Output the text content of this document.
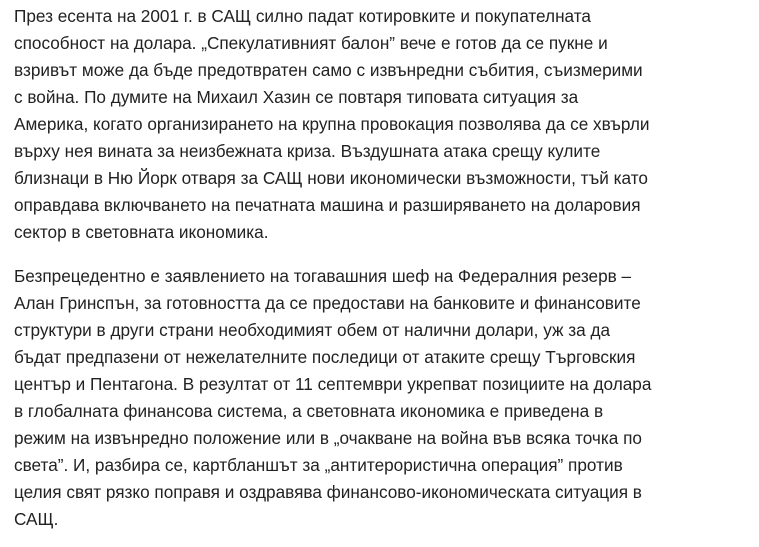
През есента на 2001 г. в САЩ силно падат котировките и покупателната
способност на долара. „Спекулативният балон” вече е готов да се пукне и
взривът може да бъде предотвратен само с извънредни събития, съизмерими
с война. По думите на Михаил Хазин се повтаря типовата ситуация за
Америка, когато организирането на крупна провокация позволява да се хвърли
върху нея вината за неизбежната криза. Въздушната атака срещу кулите
близнаци в Ню Йорк отваря за САЩ нови икономически възможности, тъй като
оправдава включването на печатната машина и разширяването на доларовия
сектор в световната икономика.

Безпрецедентно е заявлението на тогавашния шеф на Федералния резерв –
Алан Гринспън, за готовността да се предостави на банковите и финансовите
структури в други страни необходимият обем от налични долари, уж за да
бъдат предпазени от нежелателните последици от атаките срещу Търговския
център и Пентагона. В резултат от 11 септември укрепват позициите на долара
в глобалната финансова система, а световната икономика е приведена в
режим на извънредно положение или в „очакване на война във всяка точка по
света”. И, разбира се, картбланшът за „антитерористична операция” против
целия свят рязко поправя и оздравява финансово-икономическата ситуация в
САЩ.
